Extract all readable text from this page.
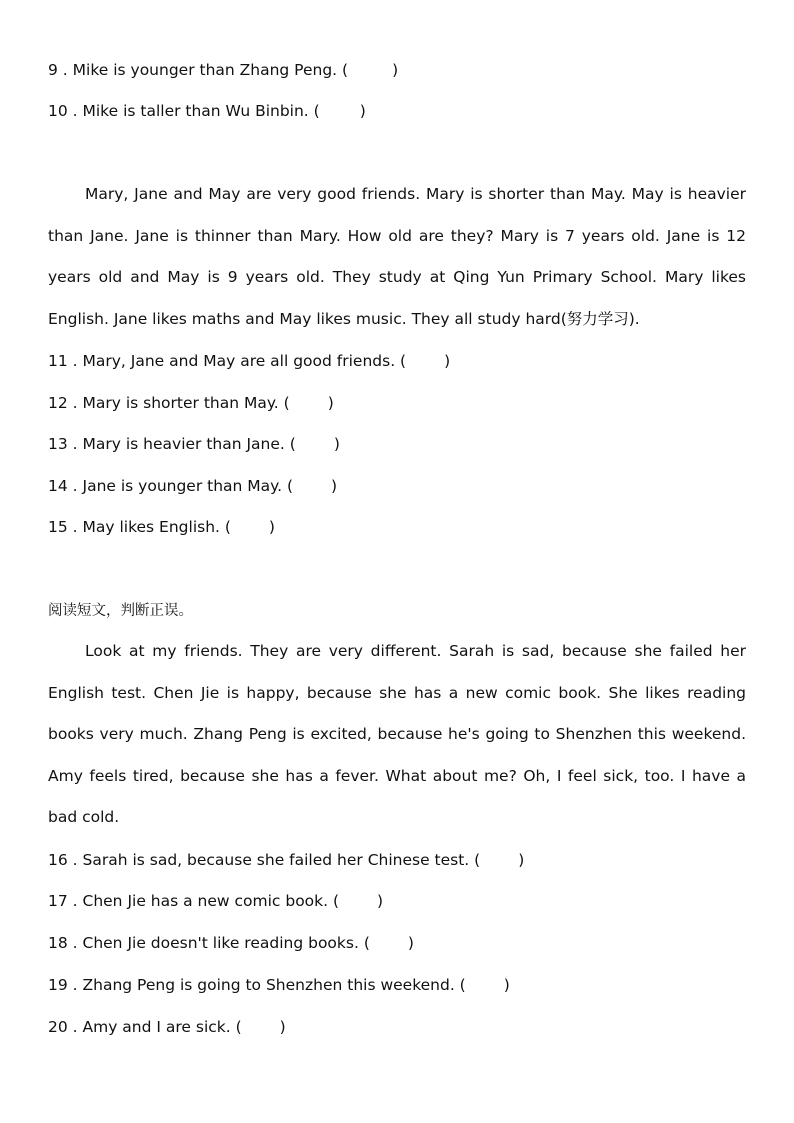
9 . Mike is younger than Zhang Peng. (	)
10 . Mike is taller than Wu Binbin. (	)

Mary, Jane and May are very good friends. Mary is shorter than May. May is heavier than Jane. Jane is thinner than Mary. How old are they? Mary is 7 years old. Jane is 12 years old and May is 9 years old. They study at Qing Yun Primary School. Mary likes English. Jane likes maths and May likes music. They all study hard(努力学习).

11 . Mary, Jane and May are all good friends. ( )
12 . Mary is shorter than May. ( )
13 . Mary is heavier than Jane. ( )
14 . Jane is younger than May. ( )
15 . May likes English. ( )
阅读短文，判断正误。

Look at my friends. They are very different. Sarah is sad, because she failed her English test. Chen Jie is happy, because she has a new comic book. She likes reading books very much. Zhang Peng is excited, because he's going to Shenzhen this weekend. Amy feels tired, because she has a fever. What about me? Oh, I feel sick, too. I have a bad cold.

16 . Sarah is sad, because she failed her Chinese test. ( )
17 . Chen Jie has a new comic book. ( )
18 . Chen Jie doesn't like reading books. ( )
19 . Zhang Peng is going to Shenzhen this weekend. ( )
20 . Amy and I are sick. ( )
